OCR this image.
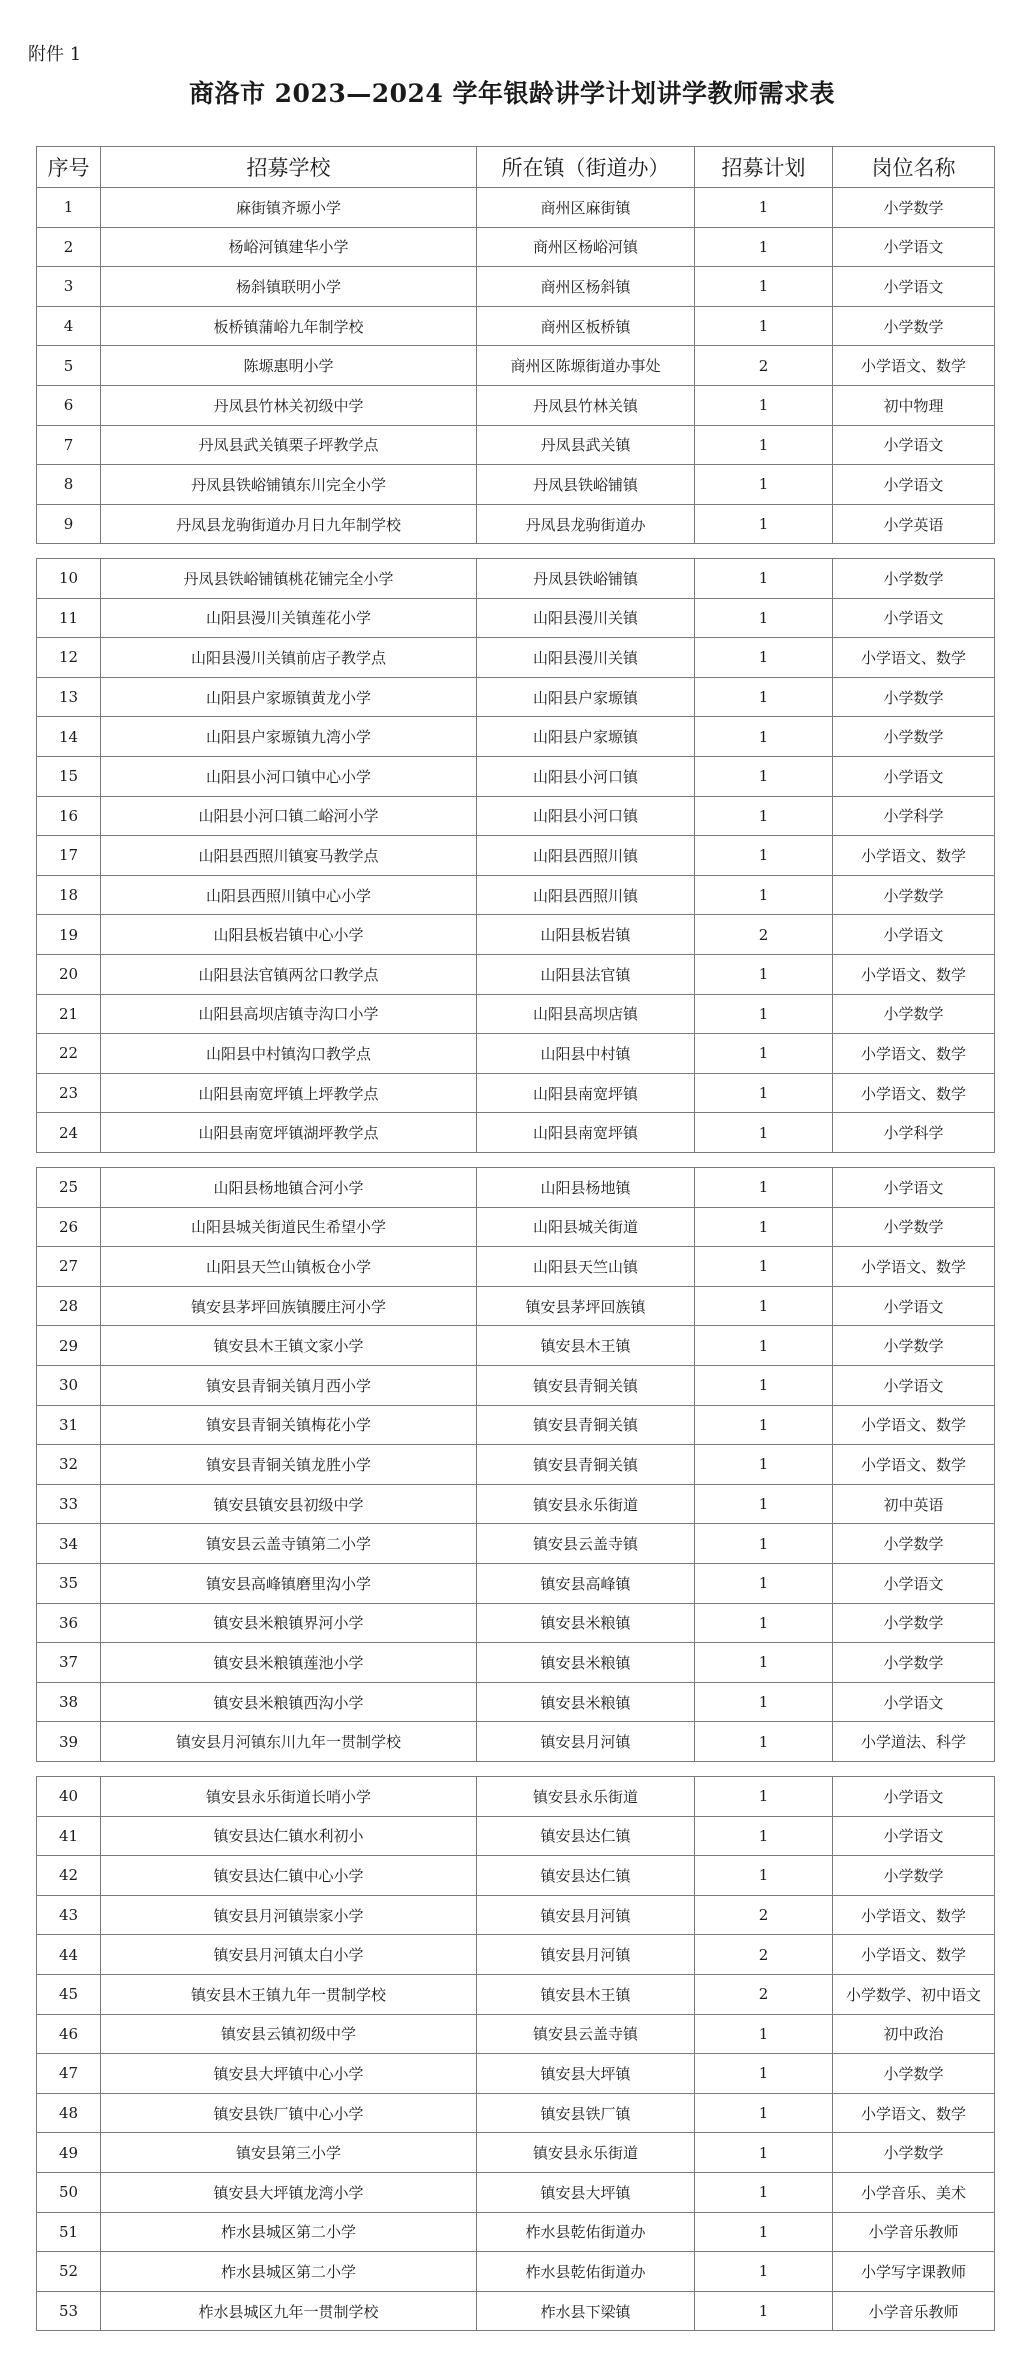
附件 1
商洛市 2023—2024 学年银龄讲学计划讲学教师需求表
序号	招募学校	所在镇（街道办）	招募计划	岗位名称
1	麻街镇齐塬小学	商州区麻街镇	1	小学数学
2	杨峪河镇建华小学	商州区杨峪河镇	1	小学语文
3	杨斜镇联明小学	商州区杨斜镇	1	小学语文
4	板桥镇蒲峪九年制学校	商州区板桥镇	1	小学数学
5	陈塬惠明小学	商州区陈塬街道办事处	2	小学语文、数学
6	丹凤县竹林关初级中学	丹凤县竹林关镇	1	初中物理
7	丹凤县武关镇栗子坪教学点	丹凤县武关镇	1	小学语文
8	丹凤县铁峪铺镇东川完全小学	丹凤县铁峪铺镇	1	小学语文
9	丹凤县龙驹街道办月日九年制学校	丹凤县龙驹街道办	1	小学英语
10	丹凤县铁峪铺镇桃花铺完全小学	丹凤县铁峪铺镇	1	小学数学
11	山阳县漫川关镇莲花小学	山阳县漫川关镇	1	小学语文
12	山阳县漫川关镇前店子教学点	山阳县漫川关镇	1	小学语文、数学
13	山阳县户家塬镇黄龙小学	山阳县户家塬镇	1	小学数学
14	山阳县户家塬镇九湾小学	山阳县户家塬镇	1	小学数学
15	山阳县小河口镇中心小学	山阳县小河口镇	1	小学语文
16	山阳县小河口镇二峪河小学	山阳县小河口镇	1	小学科学
17	山阳县西照川镇宴马教学点	山阳县西照川镇	1	小学语文、数学
18	山阳县西照川镇中心小学	山阳县西照川镇	1	小学数学
19	山阳县板岩镇中心小学	山阳县板岩镇	2	小学语文
20	山阳县法官镇两岔口教学点	山阳县法官镇	1	小学语文、数学
21	山阳县高坝店镇寺沟口小学	山阳县高坝店镇	1	小学数学
22	山阳县中村镇沟口教学点	山阳县中村镇	1	小学语文、数学
23	山阳县南宽坪镇上坪教学点	山阳县南宽坪镇	1	小学语文、数学
24	山阳县南宽坪镇湖坪教学点	山阳县南宽坪镇	1	小学科学
25	山阳县杨地镇合河小学	山阳县杨地镇	1	小学语文
26	山阳县城关街道民生希望小学	山阳县城关街道	1	小学数学
27	山阳县天竺山镇板仓小学	山阳县天竺山镇	1	小学语文、数学
28	镇安县茅坪回族镇腰庄河小学	镇安县茅坪回族镇	1	小学语文
29	镇安县木王镇文家小学	镇安县木王镇	1	小学数学
30	镇安县青铜关镇月西小学	镇安县青铜关镇	1	小学语文
31	镇安县青铜关镇梅花小学	镇安县青铜关镇	1	小学语文、数学
32	镇安县青铜关镇龙胜小学	镇安县青铜关镇	1	小学语文、数学
33	镇安县镇安县初级中学	镇安县永乐街道	1	初中英语
34	镇安县云盖寺镇第二小学	镇安县云盖寺镇	1	小学数学
35	镇安县高峰镇磨里沟小学	镇安县高峰镇	1	小学语文
36	镇安县米粮镇界河小学	镇安县米粮镇	1	小学数学
37	镇安县米粮镇莲池小学	镇安县米粮镇	1	小学数学
38	镇安县米粮镇西沟小学	镇安县米粮镇	1	小学语文
39	镇安县月河镇东川九年一贯制学校	镇安县月河镇	1	小学道法、科学
40	镇安县永乐街道长哨小学	镇安县永乐街道	1	小学语文
41	镇安县达仁镇水利初小	镇安县达仁镇	1	小学语文
42	镇安县达仁镇中心小学	镇安县达仁镇	1	小学数学
43	镇安县月河镇崇家小学	镇安县月河镇	2	小学语文、数学
44	镇安县月河镇太白小学	镇安县月河镇	2	小学语文、数学
45	镇安县木王镇九年一贯制学校	镇安县木王镇	2	小学数学、初中语文
46	镇安县云镇初级中学	镇安县云盖寺镇	1	初中政治
47	镇安县大坪镇中心小学	镇安县大坪镇	1	小学数学
48	镇安县铁厂镇中心小学	镇安县铁厂镇	1	小学语文、数学
49	镇安县第三小学	镇安县永乐街道	1	小学数学
50	镇安县大坪镇龙湾小学	镇安县大坪镇	1	小学音乐、美术
51	柞水县城区第二小学	柞水县乾佑街道办	1	小学音乐教师
52	柞水县城区第二小学	柞水县乾佑街道办	1	小学写字课教师
53	柞水县城区九年一贯制学校	柞水县下梁镇	1	小学音乐教师
